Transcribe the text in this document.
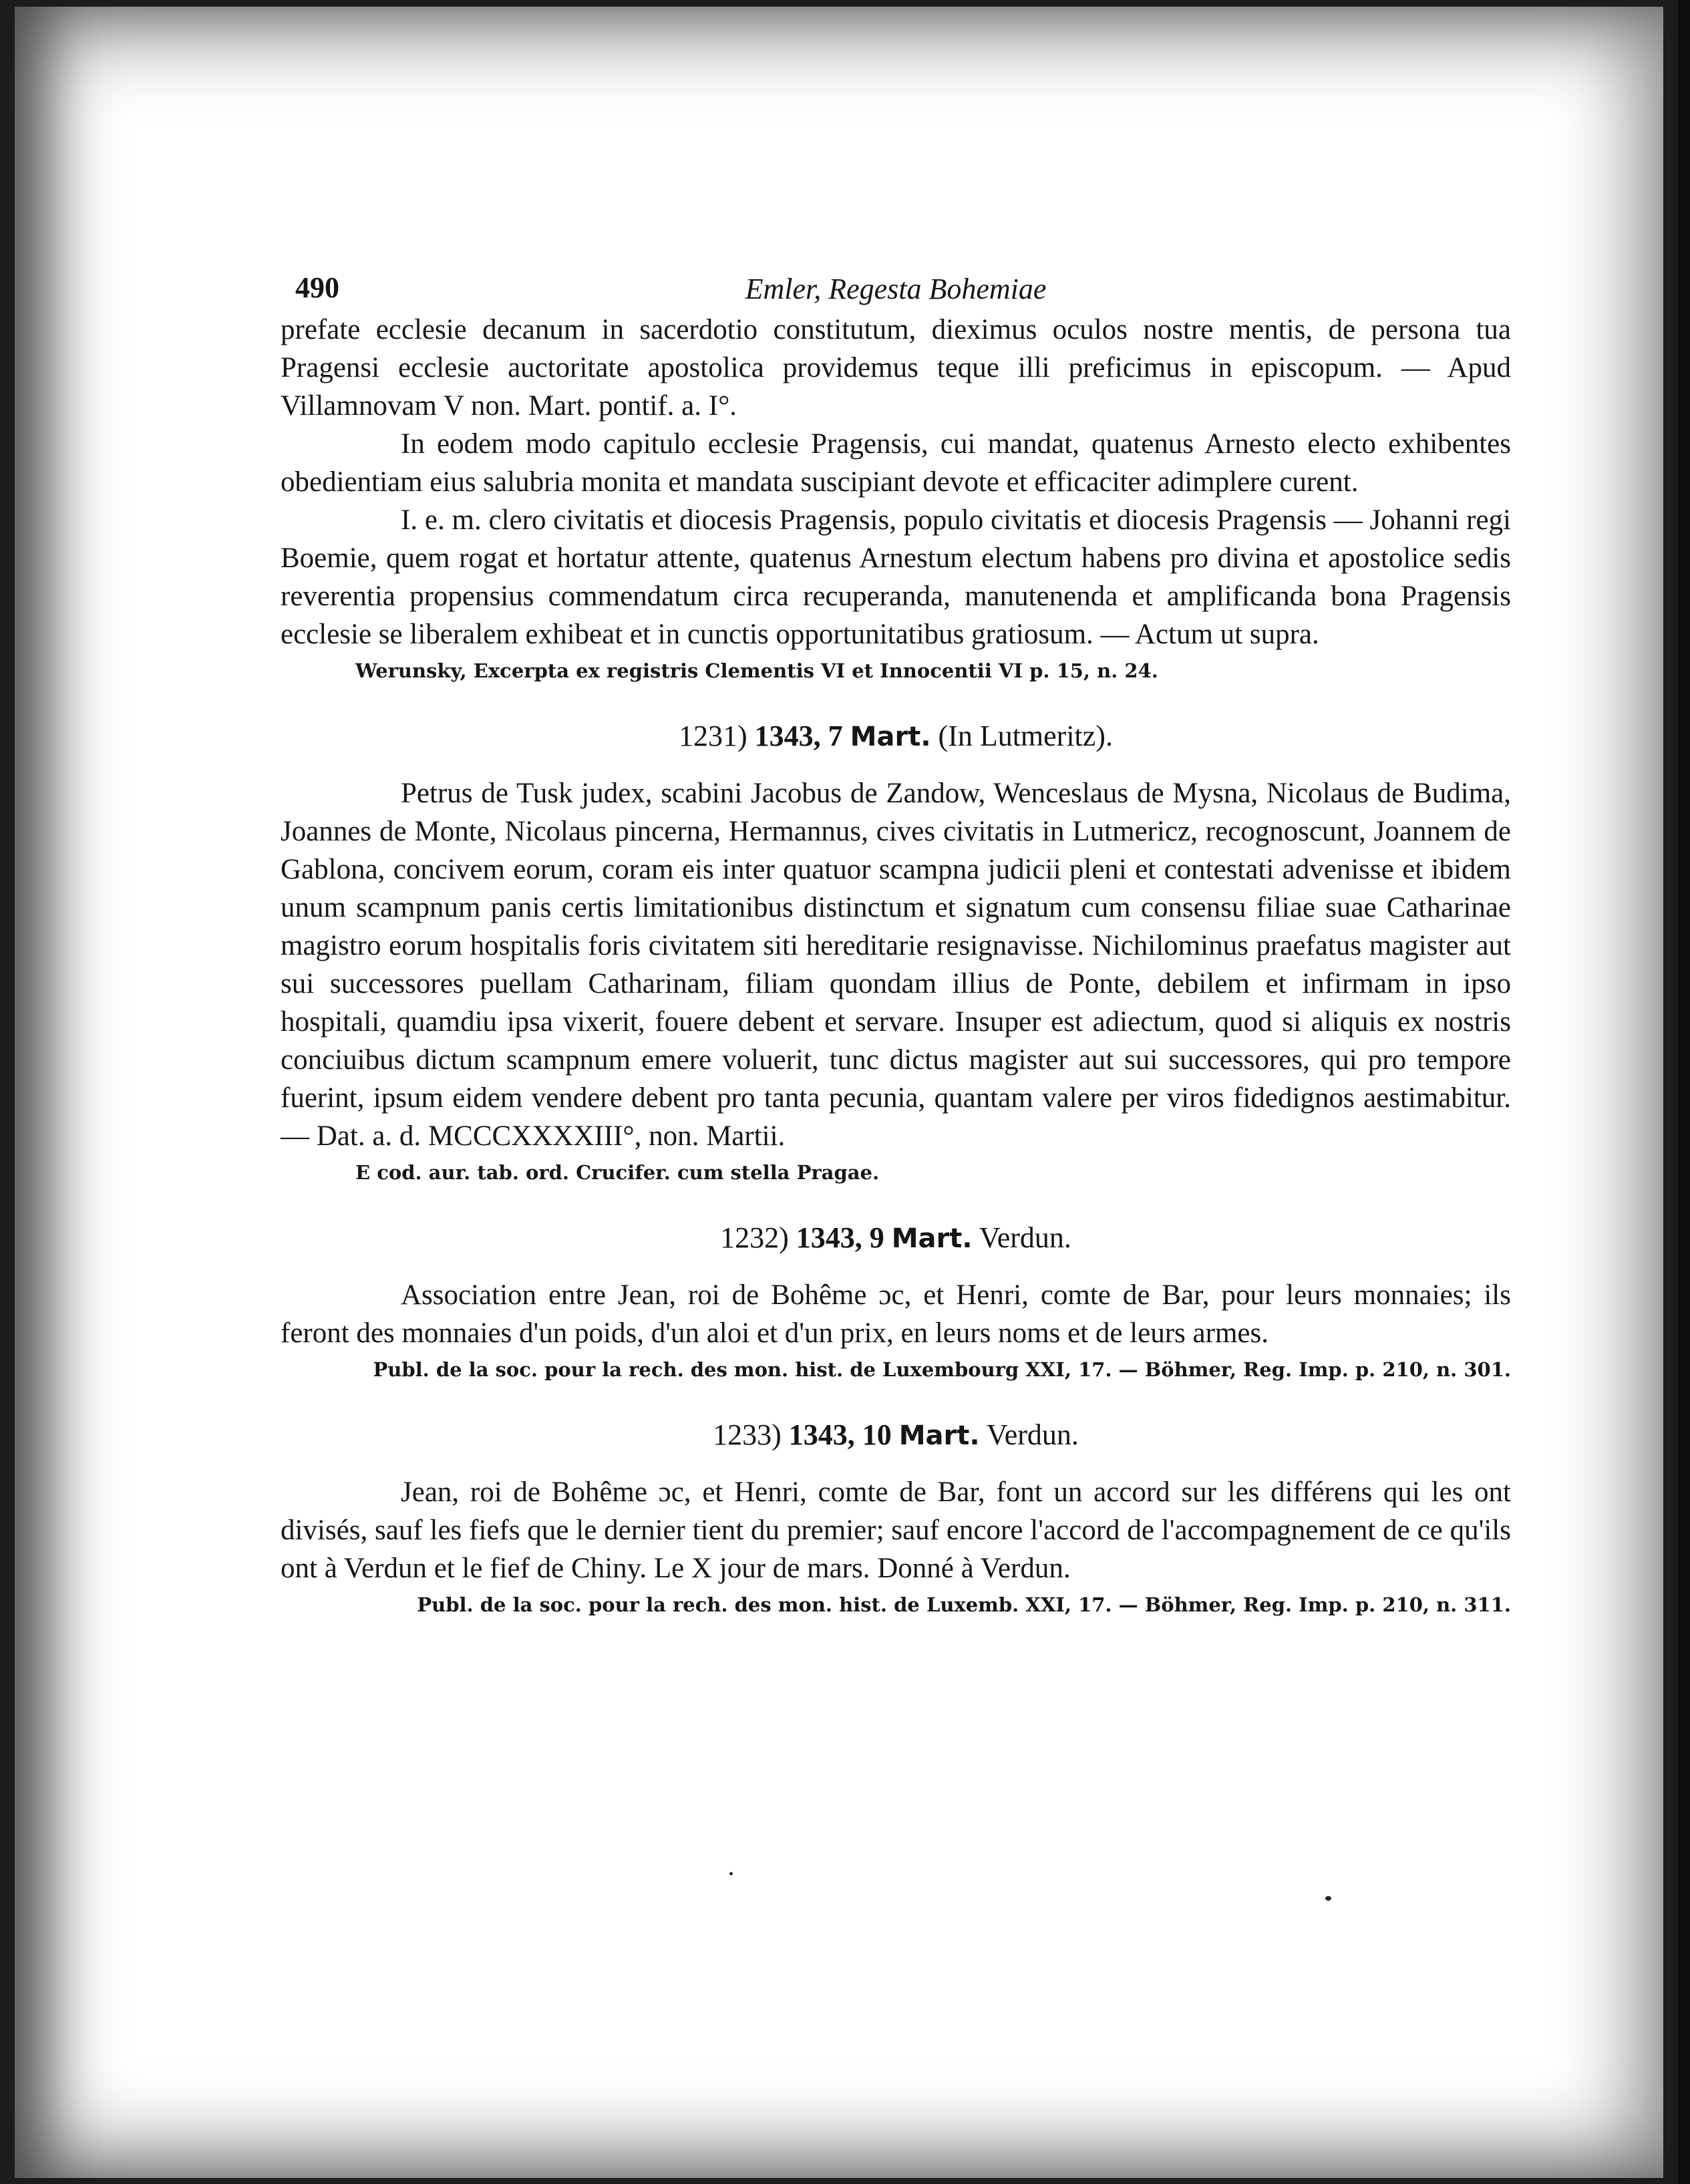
490	Emler, Regesta Bohemiae

prefate ecclesie decanum in sacerdotio constitutum, dieximus oculos nostre mentis, de persona tua Pragensi ecclesie auctoritate apostolica providemus teque illi preficimus in episcopum. — Apud Villamnovam V non. Mart. pontif. a. I°.

In eodem modo capitulo ecclesie Pragensis, cui mandat, quatenus Arnesto electo exhibentes obedientiam eius salubria monita et mandata suscipiant devote et efficaciter adimplere curent.

I. e. m. clero civitatis et diocesis Pragensis, populo civitatis et diocesis Pragensis — Johanni regi Boemie, quem rogat et hortatur attente, quatenus Arnestum electum habens pro divina et apostolice sedis reverentia propensius commendatum circa recuperanda, manutenenda et amplificanda bona Pragensis ecclesie se liberalem exhibeat et in cunctis opportunitatibus gratiosum. — Actum ut supra.

Werunsky, Excerpta ex registris Clementis VI et Innocentii VI p. 15, n. 24.
1231) 1343, 7 Mart. (In Lutmeritz).

Petrus de Tusk judex, scabini Jacobus de Zandow, Wenceslaus de Mysna, Nicolaus de Budima, Joannes de Monte, Nicolaus pincerna, Hermannus, cives civitatis in Lutmericz, recognoscunt, Joannem de Gablona, concivem eorum, coram eis inter quatuor scampna judicii pleni et contestati advenisse et ibidem unum scampnum panis certis limitationibus distinctum et signatum cum consensu filiae suae Catharinae magistro eorum hospitalis foris civitatem siti hereditarie resignavisse. Nichilominus praefatus magister aut sui successores puellam Catharinam, filiam quondam illius de Ponte, debilem et infirmam in ipso hospitali, quamdiu ipsa vixerit, fouere debent et servare. Insuper est adiectum, quod si aliquis ex nostris conciuibus dictum scampnum emere voluerit, tunc dictus magister aut sui successores, qui pro tempore fuerint, ipsum eidem vendere debent pro tanta pecunia, quantam valere per viros fidedignos aestimabitur. — Dat. a. d. MCCCXXXXIII°, non. Martii.

E cod. aur. tab. ord. Crucifer. cum stella Pragae.
1232) 1343, 9 Mart. Verdun.

Association entre Jean, roi de Bohême ɔc, et Henri, comte de Bar, pour leurs monnaies; ils feront des monnaies d'un poids, d'un aloi et d'un prix, en leurs noms et de leurs armes.

Publ. de la soc. pour la rech. des mon. hist. de Luxembourg XXI, 17. — Böhmer, Reg. Imp. p. 210, n. 301.
1233) 1343, 10 Mart. Verdun.

Jean, roi de Bohême ɔc, et Henri, comte de Bar, font un accord sur les différens qui les ont divisés, sauf les fiefs que le dernier tient du premier; sauf encore l'accord de l'accompagnement de ce qu'ils ont à Verdun et le fief de Chiny. Le X jour de mars. Donné à Verdun.

Publ. de la soc. pour la rech. des mon. hist. de Luxemb. XXI, 17. — Böhmer, Reg. Imp. p. 210, n. 311.
